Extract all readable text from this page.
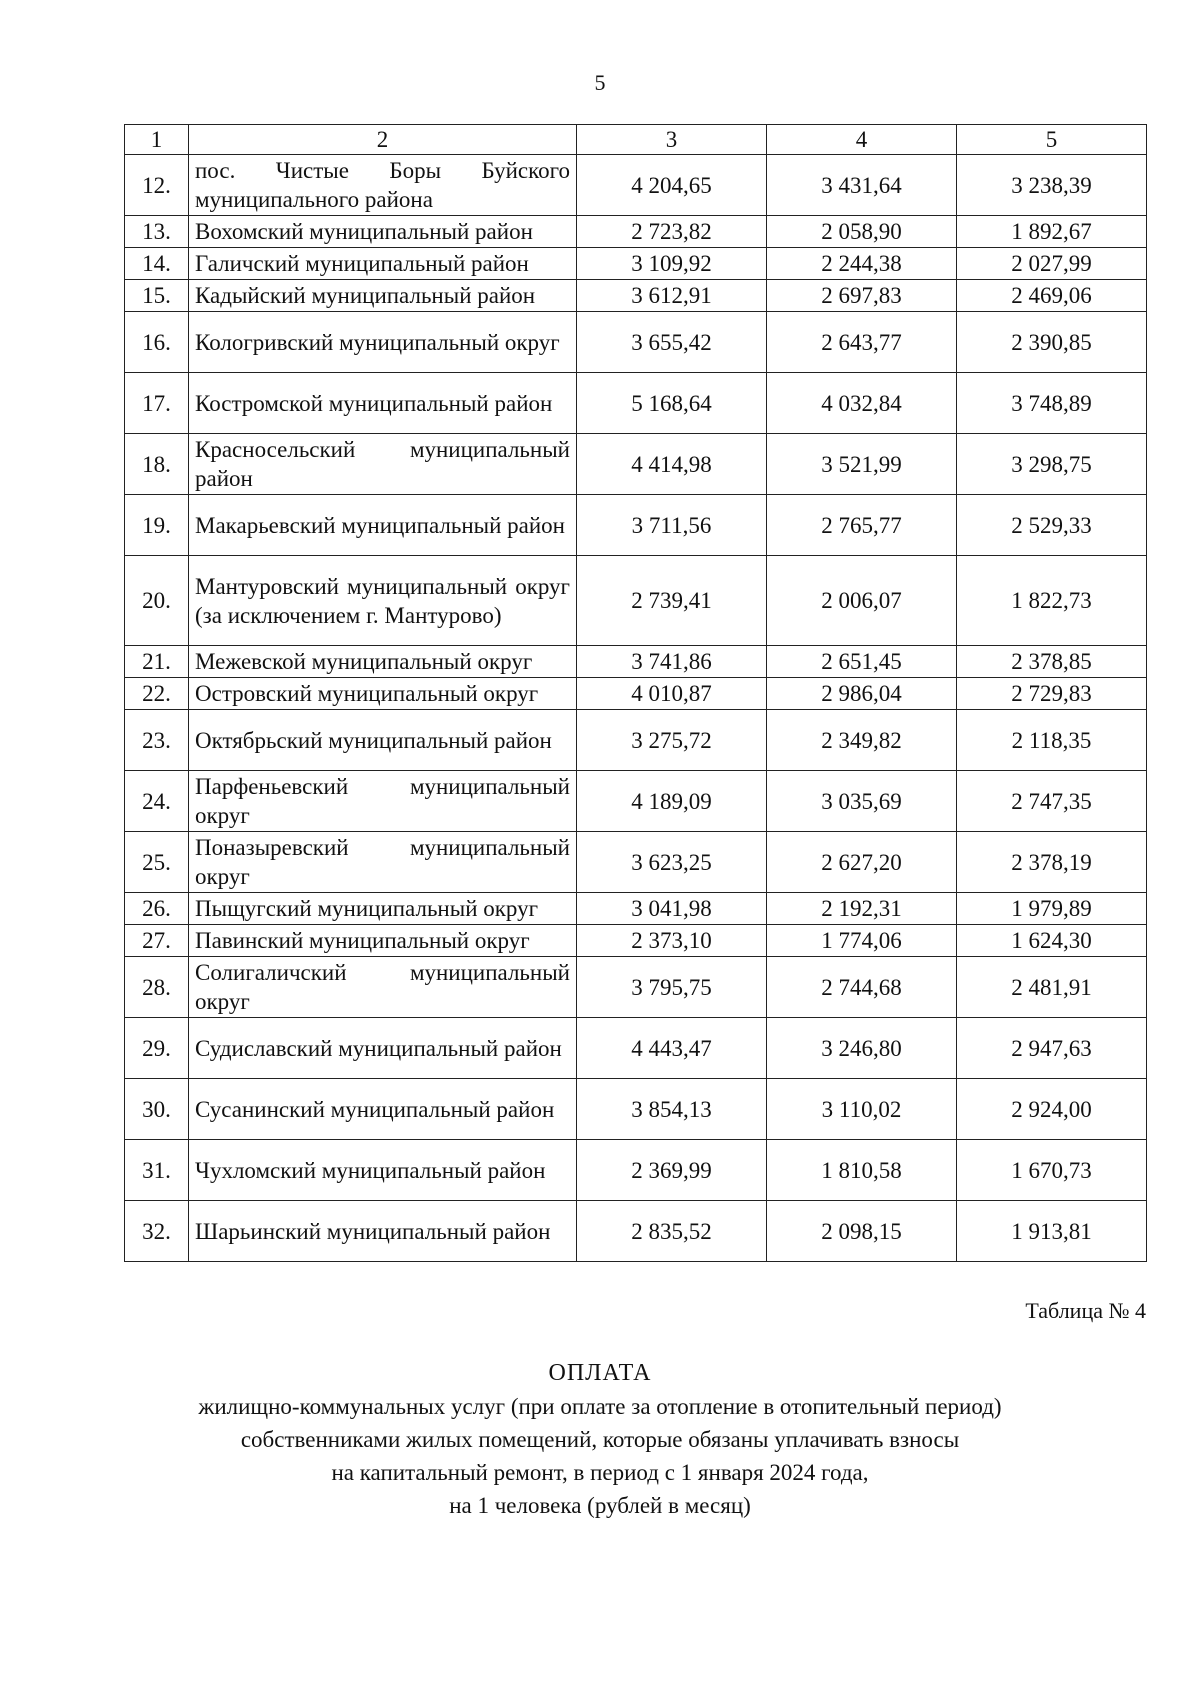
5
1	2	3	4	5
12.	пос. Чистые Боры Буйского муниципального района	4 204,65	3 431,64	3 238,39
13.	Вохомский муниципальный район	2 723,82	2 058,90	1 892,67
14.	Галичский муниципальный район	3 109,92	2 244,38	2 027,99
15.	Кадыйский муниципальный район	3 612,91	2 697,83	2 469,06
16.	Кологривский муниципальный округ	3 655,42	2 643,77	2 390,85
17.	Костромской муниципальный район	5 168,64	4 032,84	3 748,89
18.	Красносельский муниципальный район	4 414,98	3 521,99	3 298,75
19.	Макарьевский муниципальный район	3 711,56	2 765,77	2 529,33
20.	Мантуровский муниципальный округ (за исключением г. Мантурово)	2 739,41	2 006,07	1 822,73
21.	Межевской муниципальный округ	3 741,86	2 651,45	2 378,85
22.	Островский муниципальный округ	4 010,87	2 986,04	2 729,83
23.	Октябрьский муниципальный район	3 275,72	2 349,82	2 118,35
24.	Парфеньевский муниципальный округ	4 189,09	3 035,69	2 747,35
25.	Поназыревский муниципальный округ	3 623,25	2 627,20	2 378,19
26.	Пыщугский муниципальный округ	3 041,98	2 192,31	1 979,89
27.	Павинский муниципальный округ	2 373,10	1 774,06	1 624,30
28.	Солигаличский муниципальный округ	3 795,75	2 744,68	2 481,91
29.	Судиславский муниципальный район	4 443,47	3 246,80	2 947,63
30.	Сусанинский муниципальный район	3 854,13	3 110,02	2 924,00
31.	Чухломский муниципальный район	2 369,99	1 810,58	1 670,73
32.	Шарьинский муниципальный район	2 835,52	2 098,15	1 913,81
Таблица № 4
ОПЛАТА
жилищно-коммунальных услуг (при оплате за отопление в отопительный период)
собственниками жилых помещений, которые обязаны уплачивать взносы
на капитальный ремонт, в период с 1 января 2024 года,
на 1 человека (рублей в месяц)
